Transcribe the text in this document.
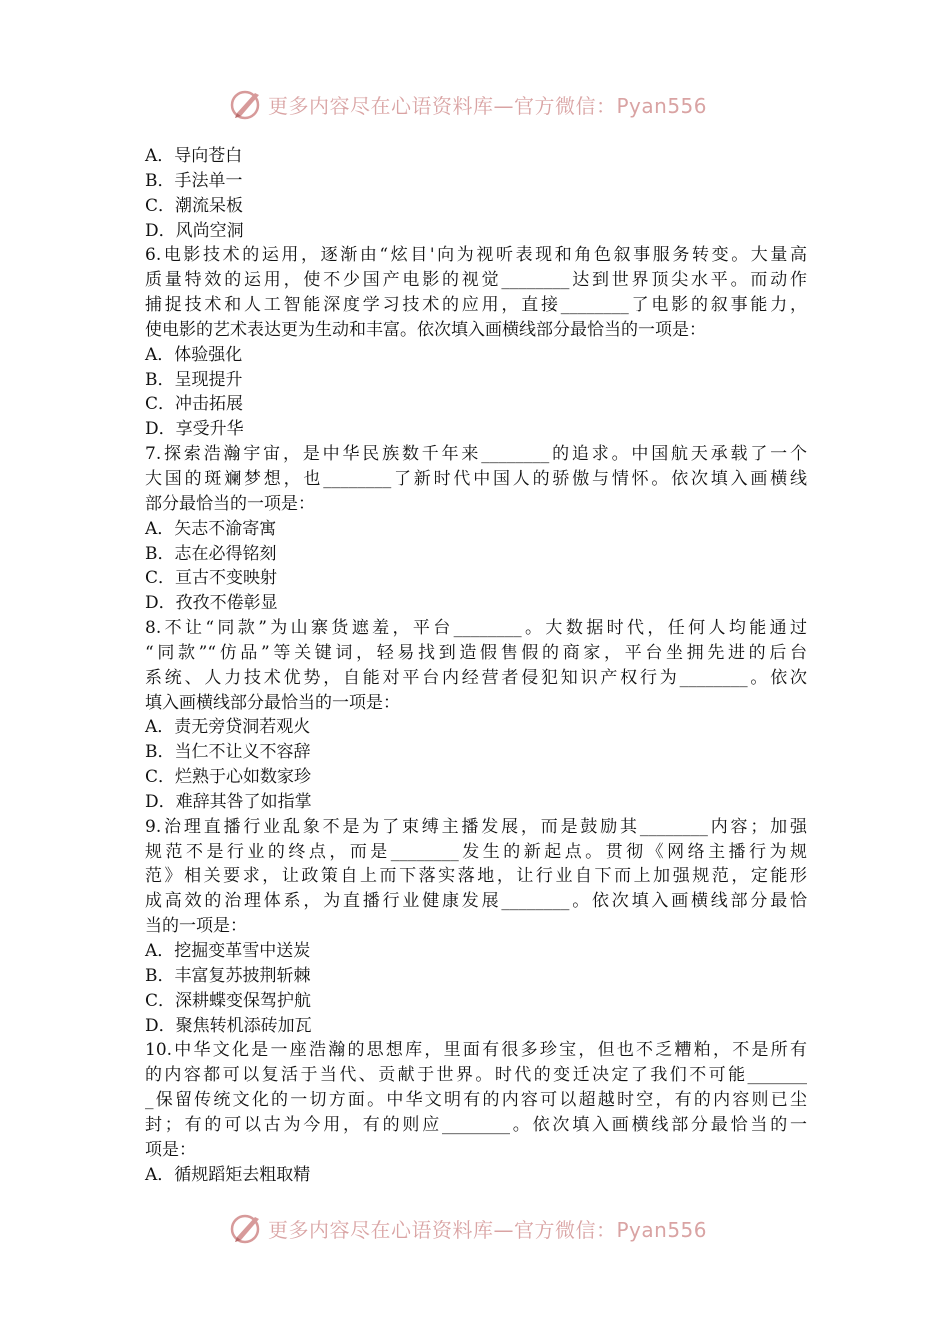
更多内容尽在心语资料库—官方微信：Pyan556
A．导向苍白
B．手法单一
C．潮流呆板
D．风尚空洞
6.电影技术的运用，逐渐由“炫目'向为视听表现和角色叙事服务转变。大量高
质量特效的运用，使不少国产电影的视觉________达到世界顶尖水平。而动作
捕捉技术和人工智能深度学习技术的应用，直接________了电影的叙事能力，
使电影的艺术表达更为生动和丰富。依次填入画横线部分最恰当的一项是：
A．体验强化
B．呈现提升
C．冲击拓展
D．享受升华
7.探索浩瀚宇宙，是中华民族数千年来________的追求。中国航天承载了一个
大国的斑斓梦想，也________了新时代中国人的骄傲与情怀。依次填入画横线
部分最恰当的一项是：
A．矢志不渝寄寓
B．志在必得铭刻
C．亘古不变映射
D．孜孜不倦彰显
8.不让“同款”为山寨货遮羞，平台________。大数据时代，任何人均能通过
“同款”“仿品”等关键词，轻易找到造假售假的商家，平台坐拥先进的后台
系统、人力技术优势，自能对平台内经营者侵犯知识产权行为________。依次
填入画横线部分最恰当的一项是：
A．责无旁贷洞若观火
B．当仁不让义不容辞
C．烂熟于心如数家珍
D．难辞其咎了如指掌
9.治理直播行业乱象不是为了束缚主播发展，而是鼓励其________内容；加强
规范不是行业的终点，而是________发生的新起点。贯彻《网络主播行为规
范》相关要求，让政策自上而下落实落地，让行业自下而上加强规范，定能形
成高效的治理体系，为直播行业健康发展________。依次填入画横线部分最恰
当的一项是：
A．挖掘变革雪中送炭
B．丰富复苏披荆斩棘
C．深耕蝶变保驾护航
D．聚焦转机添砖加瓦
10.中华文化是一座浩瀚的思想库，里面有很多珍宝，但也不乏糟粕，不是所有
的内容都可以复活于当代、贡献于世界。时代的变迁决定了我们不可能_______
_保留传统文化的一切方面。中华文明有的内容可以超越时空，有的内容则已尘
封；有的可以古为今用，有的则应________。依次填入画横线部分最恰当的一
项是：
A．循规蹈矩去粗取精
更多内容尽在心语资料库—官方微信：Pyan556
